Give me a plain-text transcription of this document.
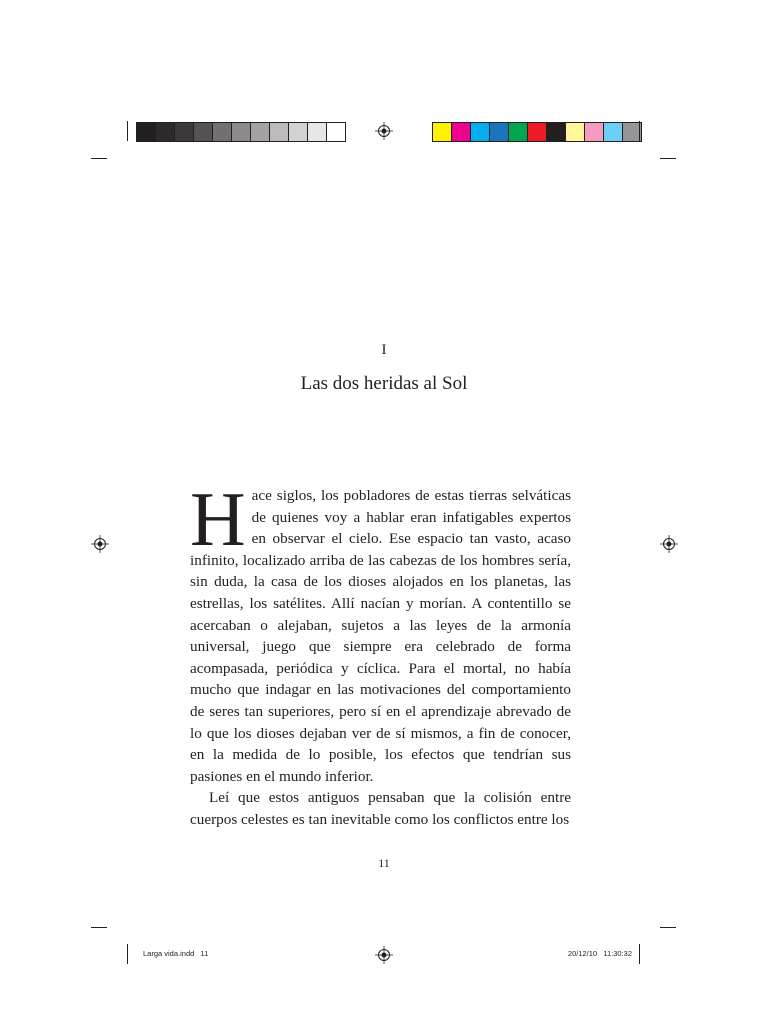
I
Las dos heridas al Sol

Hace siglos, los pobladores de estas tierras selváticas de quienes voy a hablar eran infatigables expertos en observar el cielo. Ese espacio tan vasto, acaso infinito, localizado arriba de las cabezas de los hombres sería, sin duda, la casa de los dioses alojados en los planetas, las estrellas, los satélites. Allí nacían y morían. A contentillo se acercaban o alejaban, sujetos a las leyes de la armonía universal, juego que siempre era celebrado de forma acompasada, periódica y cíclica. Para el mortal, no había mucho que indagar en las motivaciones del comportamiento de seres tan superiores, pero sí en el aprendizaje abrevado de lo que los dioses dejaban ver de sí mismos, a fin de conocer, en la medida de lo posible, los efectos que tendrían sus pasiones en el mundo inferior.

Leí que estos antiguos pensaban que la colisión entre cuerpos celestes es tan inevitable como los conflictos entre los

11
Larga vida.indd   11	20/12/10   11:30:32
